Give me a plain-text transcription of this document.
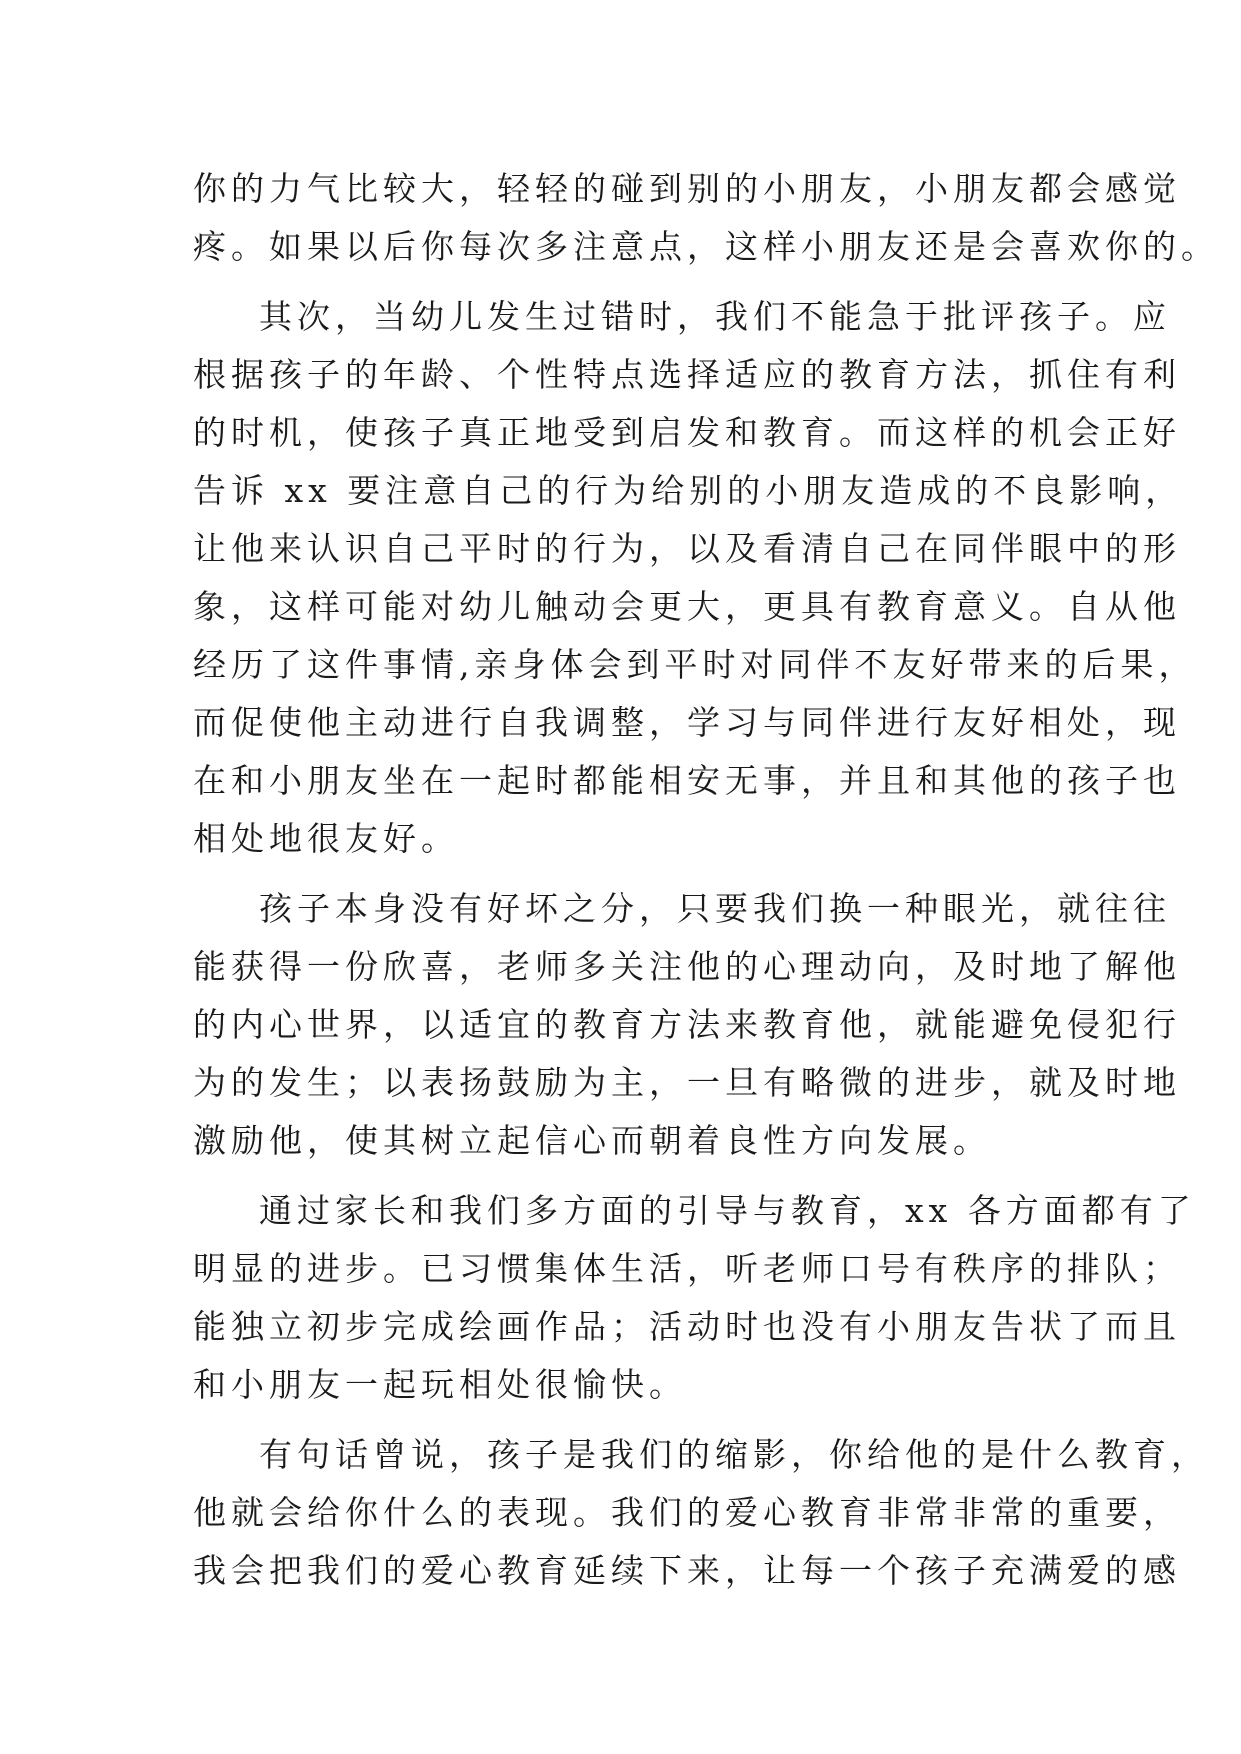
你的力气比较大，轻轻的碰到别的小朋友，小朋友都会感觉
疼。如果以后你每次多注意点，这样小朋友还是会喜欢你的。
其次，当幼儿发生过错时，我们不能急于批评孩子。应
根据孩子的年龄、个性特点选择适应的教育方法，抓住有利
的时机，使孩子真正地受到启发和教育。而这样的机会正好
告诉 xx 要注意自己的行为给别的小朋友造成的不良影响，
让他来认识自己平时的行为，以及看清自己在同伴眼中的形
象，这样可能对幼儿触动会更大，更具有教育意义。自从他
经历了这件事情,亲身体会到平时对同伴不友好带来的后果，
而促使他主动进行自我调整，学习与同伴进行友好相处，现
在和小朋友坐在一起时都能相安无事，并且和其他的孩子也
相处地很友好。
孩子本身没有好坏之分，只要我们换一种眼光，就往往
能获得一份欣喜，老师多关注他的心理动向，及时地了解他
的内心世界，以适宜的教育方法来教育他，就能避免侵犯行
为的发生；以表扬鼓励为主，一旦有略微的进步，就及时地
激励他，使其树立起信心而朝着良性方向发展。
通过家长和我们多方面的引导与教育，xx 各方面都有了
明显的进步。已习惯集体生活，听老师口号有秩序的排队；
能独立初步完成绘画作品；活动时也没有小朋友告状了而且
和小朋友一起玩相处很愉快。
有句话曾说，孩子是我们的缩影，你给他的是什么教育，
他就会给你什么的表现。我们的爱心教育非常非常的重要，
我会把我们的爱心教育延续下来，让每一个孩子充满爱的感
